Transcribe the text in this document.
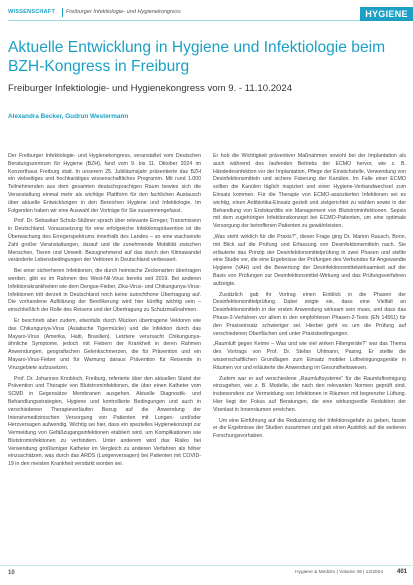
WISSENSCHAFT Freiburger Infektiologie- und Hygienekongress	HYGIENE
Aktuelle Entwicklung in Hygiene und Infektiologie beim BZH-Kongress in Freiburg
Freiburger Infektiologie- und Hygienekongress vom 9. - 11.10.2024
Alexandra Becker, Gudrun Westermann

Der Freiburger Infektiologie- und Hygienekongress, veranstaltet vom Deutschen Beratungszentrum für Hygiene (BZH), fand vom 9. bis 11. Oktober 2024 im Konzerthaus Freiburg statt. In unserem 25. Jubiläumsjahr präsentierte das BZH ein vielseitiges und hochkarätiges wissenschaftliches Programm. Mit rund 1.000 Teilnehmenden aus dem gesamten deutschsprachigen Raum bewies sich die Veranstaltung einmal mehr als wichtige Plattform für den fachlichen Austausch über aktuelle Entwicklungen in den Bereichen Hygiene und Infektiologie. Im Folgenden haben wir eine Auswahl der Vorträge für Sie zusammengefasst.

Prof. Dr. Sebastian Schulz-Stübner sprach über relevante Erreger, Transmission in Deutschland. Voraussetzung für eine erfolgreiche Infektionsprävention ist die Überwachung des Erregerspektrums innerhalb des Landes – so eine wachsende Zahl großer Veranstaltungen, darauf und die zunehmende Mobilität zwischen Menschen, Tieren und Umwelt. Bezugnehmend auf das durch den Klimawandel veränderte Lebensbedingungen der Vektoren in Deutschland verbessert.

Bei einer sicherheren Infektionen, die durch heimische Zeckenarten übertragen werden, gibt es im Rahmen des West-Nil-Virus bereits seit 2019. Bei anderen Infektionskrankheiten wie dem Dengue-Fieber, Zika-Virus- und Chikungunya-Virus-Infektionen tritt derzeit in Deutschland noch keine autochthone Übertragung auf. Die vorhandene Aufklärung der Bevölkerung wird hier künftig wichtig sein – einschließlich der Rolle des Reisens und der Übertragung zu Schutzmaßnahmen.

Er beschrieb aber zudem, ebenfalls durch Mücken übertragene Vektoren wie das Chikungunya-Virus (Asiatische Tigermücke) und die Infektion durch das Mayaro-Virus (Amerika, Haiti, Brasilien). Letztere verursacht Chikungunya-ähnliche Symptome, jedoch mit Fiebern der Krankheit in deren Rahmen Anwendungen, geografischen Gelenkschmerzen, die für Prävention und ein Mayaro-Virus-Fieber und für Warnung daraus Prävention für Reisende in Virusgebiete aufzusetzen.

Prof. Dr. Johannes Knobloch, Freiburg, referierte über den aktuellen Stand der Prävention und Therapie von Blutstrominfektionen, die über einen Katheter vom SCMD in Gegensätze Membranen ausgehen. Aktuelle Diagnostik- und Behandlungsstrategien, Hygiene und kontrollierte Bedingungen und auch in verschiedenen Therapieverläufen Bezug auf die Anwendung der Intensivmedizinischen Versorgung von Patienten mit Lungen- und/oder Herzversagen aufwendig. Wichtig sei hier, dass ein spezielles Hygienekonzept zur Vermeidung von Gefäßzugangsinfektionen etabliert wird, um Komplikationen wie Blutstrominfektionen zu verhindern. Unter anderem wird das Risiko bei Verwendung großlumiger Katheter im Vergleich zu anderen Verfahren als höher einzuschätzen, was durch das ARDS (Lungenversagen) bei Patienten mit COVID-19 in den meisten Krankheit verstärkt worden sei.

Er hob die Wichtigkeit präventiver Maßnahmen sowohl bei der Implantation als auch während des laufenden Betriebs der ECMO hervor, wie z. B. Händedesinfektion vor der Implantation, Pflege der Einstichstelle, Verwendung von Desinfektionsmitteln und sichere Fixierung der Kanülen. Im Falle einer ECMO sollten die Kanülen täglich inspiziert und einer Hygiene-Verbandwechsel zum Einsatz kommen. Für die Therapie von ECMO-assoziierten Infektionen sei es wichtig, einen Antibiotika-Einsatz gezielt und zielgerichtet zu wählen sowie in der Behandlung von Endokarditis ein Management von Blutstrominfektionen. Sepsis mit dem zugehörigen Infektionskonzept bei ECMO-Patienten, um eine optimale Versorgung der betroffenen Patienten zu gewährleisten.

„Was steht wirklich für die Praxis?“, dieser Frage ging Dr. Marion Rausch, Bonn, mit Blick auf die Prüfung und Erfassung von Desinfektionsmitteln nach. Sie erläuterte das Prinzip der Desinfektionsmittelprüfung in zwei Phasen und stellte eine Studie vor, die eine Ergebnisse der Prüfungen des Verbundes für Angewandte Hygiene (VAH) und die Bewertung der Desinfektionsmittelwirksamkeit auf der Basis von Prüfungen zur Desinfektionsmittel-Wirkung und das Prüfungsverfahren aufzeigte.

Zusätzlich gab ihr Vortrag einen Einblick in die Phasen der Desinfektionsmittelprüfung. Dabei zeigte sie, dass eine Vielfalt an Desinfektionsmitteln in der ersten Anwendung wirksam sein muss, und dass das Phase-2-Verfahren vor allem in den empfohlenen Phasen-2-Tests (EN 14561) für den Praxiseinsatz schwieriger sei. Hierbei geht es um die Prüfung auf verschiedenen Oberflächen und unter Praxisbedingungen.

„Raumluft gegen Keime – Was und wie viel wirken Filtergeräte?“ war das Thema des Vortrags von Prof. Dr. Stefan Uhlmann, Pasing. Er stellte die wissenschaftlichen Grundlagen zum Einsatz mobiler Luftreinigungsgeräte in Räumen vor und erläuterte die Anwendung im Gesundheitswesen.

Zudem war er auf verschiedene „Raumluftsysteme“ für die Raumluftreinigung einzugehen, wie z. B. Modelle, die nach den relevanten Normen geprüft sind, insbesondere zur Vermeidung von Infektionen in Räumen mit begrenzter Lüftung. Hier liegt der Fokus auf Beratungen, die eine wirkungsvolle Reduktion der Virenlast in Innenräumen erreichen.

Um eine Einführung auf die Reduzierung der Infektionsgefahr zu geben, fasste er die Ergebnisse der Studien zusammen und gab einen Ausblick auf die weiteren Forschungsvorhaben.

10	Hygiene & Medizin | Volume 49 | 12/2024 401
